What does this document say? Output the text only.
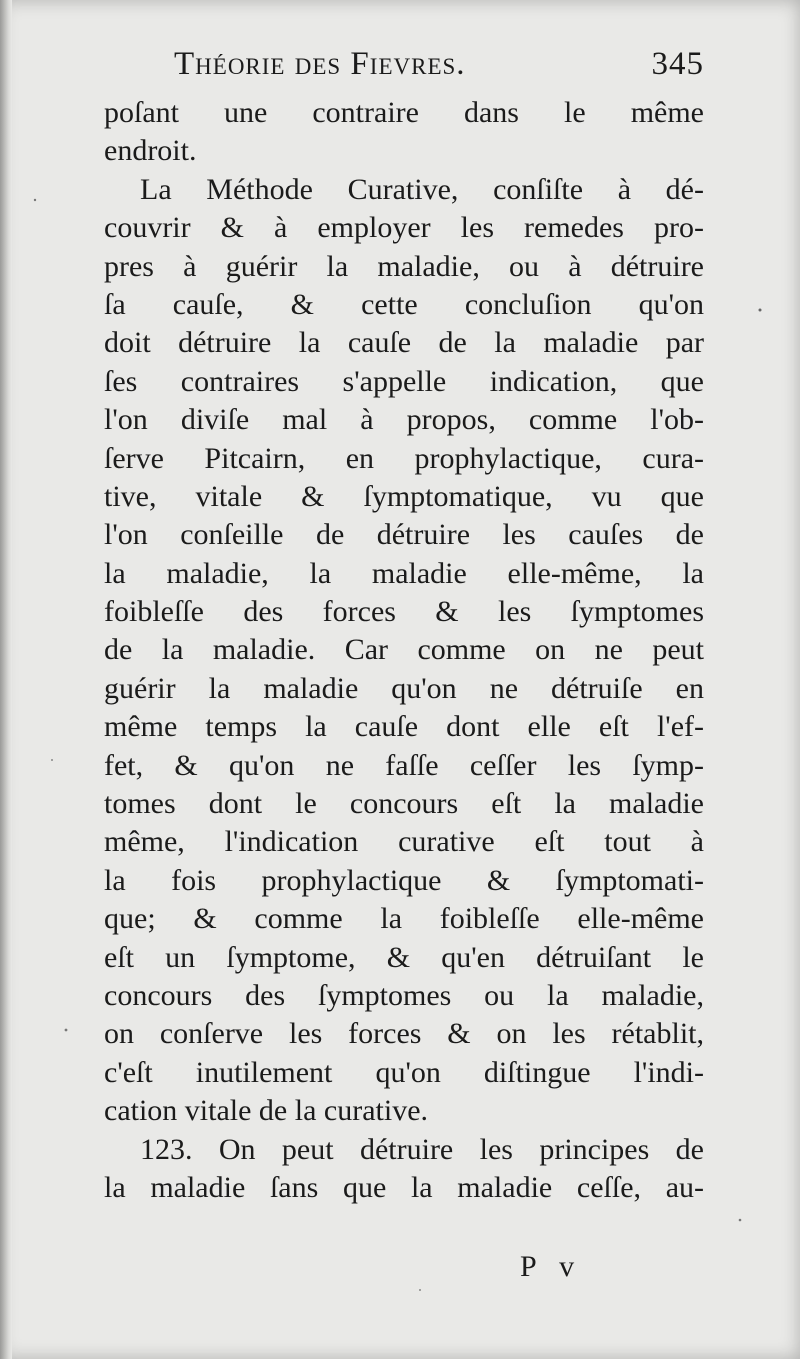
Théorie des Fievres.	345
poſant une contraire dans le même
endroit.
La Méthode Curative, conſiſte à dé-
couvrir & à employer les remedes pro-
pres à guérir la maladie, ou à détruire
ſa cauſe, & cette concluſion qu'on
doit détruire la cauſe de la maladie par
ſes contraires s'appelle indication, que
l'on diviſe mal à propos, comme l'ob-
ſerve Pitcairn, en prophylactique, cura-
tive, vitale & ſymptomatique, vu que
l'on conſeille de détruire les cauſes de
la maladie, la maladie elle-même, la
foibleſſe des forces & les ſymptomes
de la maladie. Car comme on ne peut
guérir la maladie qu'on ne détruiſe en
même temps la cauſe dont elle eſt l'ef-
fet, & qu'on ne faſſe ceſſer les ſymp-
tomes dont le concours eſt la maladie
même, l'indication curative eſt tout à
la fois prophylactique & ſymptomati-
que; & comme la foibleſſe elle-même
eſt un ſymptome, & qu'en détruiſant le
concours des ſymptomes ou la maladie,
on conſerve les forces & on les rétablit,
c'eſt inutilement qu'on diſtingue l'indi-
cation vitale de la curative.
123. On peut détruire les principes de
la maladie ſans que la maladie ceſſe, au-
P v
